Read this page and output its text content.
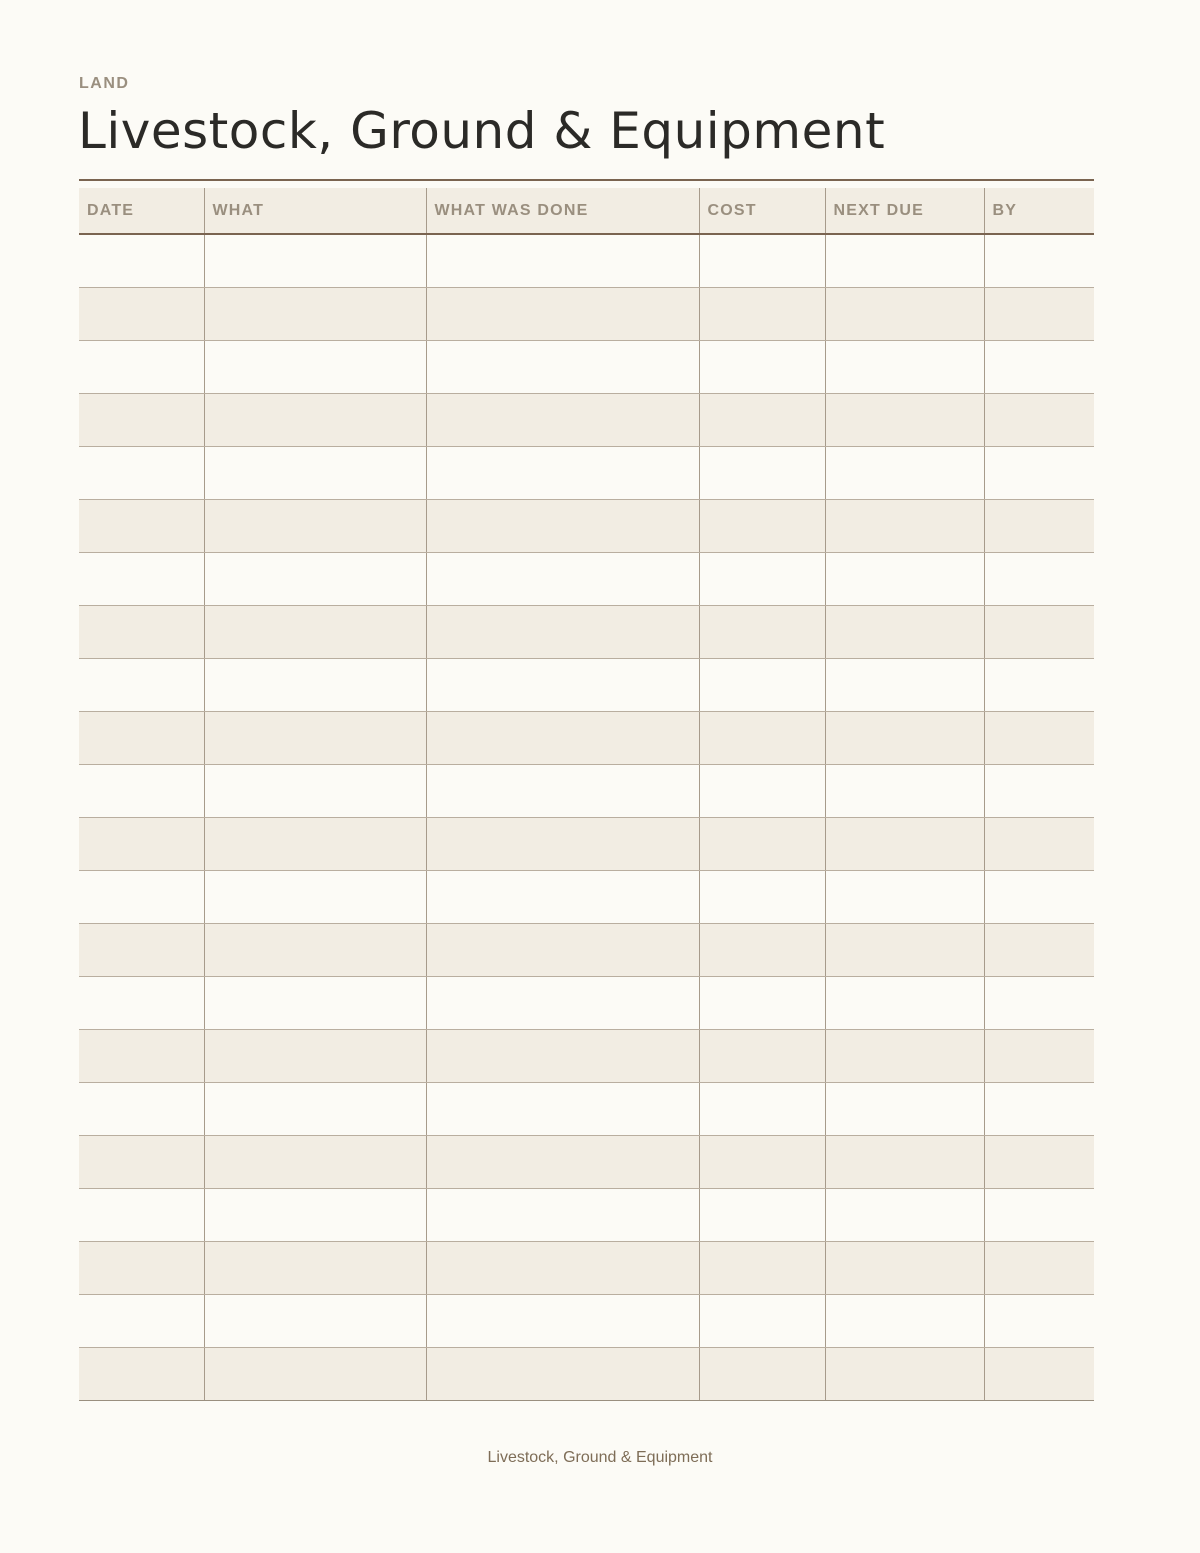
LAND
Livestock, Ground & Equipment
DATE	WHAT	WHAT WAS DONE	COST	NEXT DUE	BY

Livestock, Ground & Equipment
